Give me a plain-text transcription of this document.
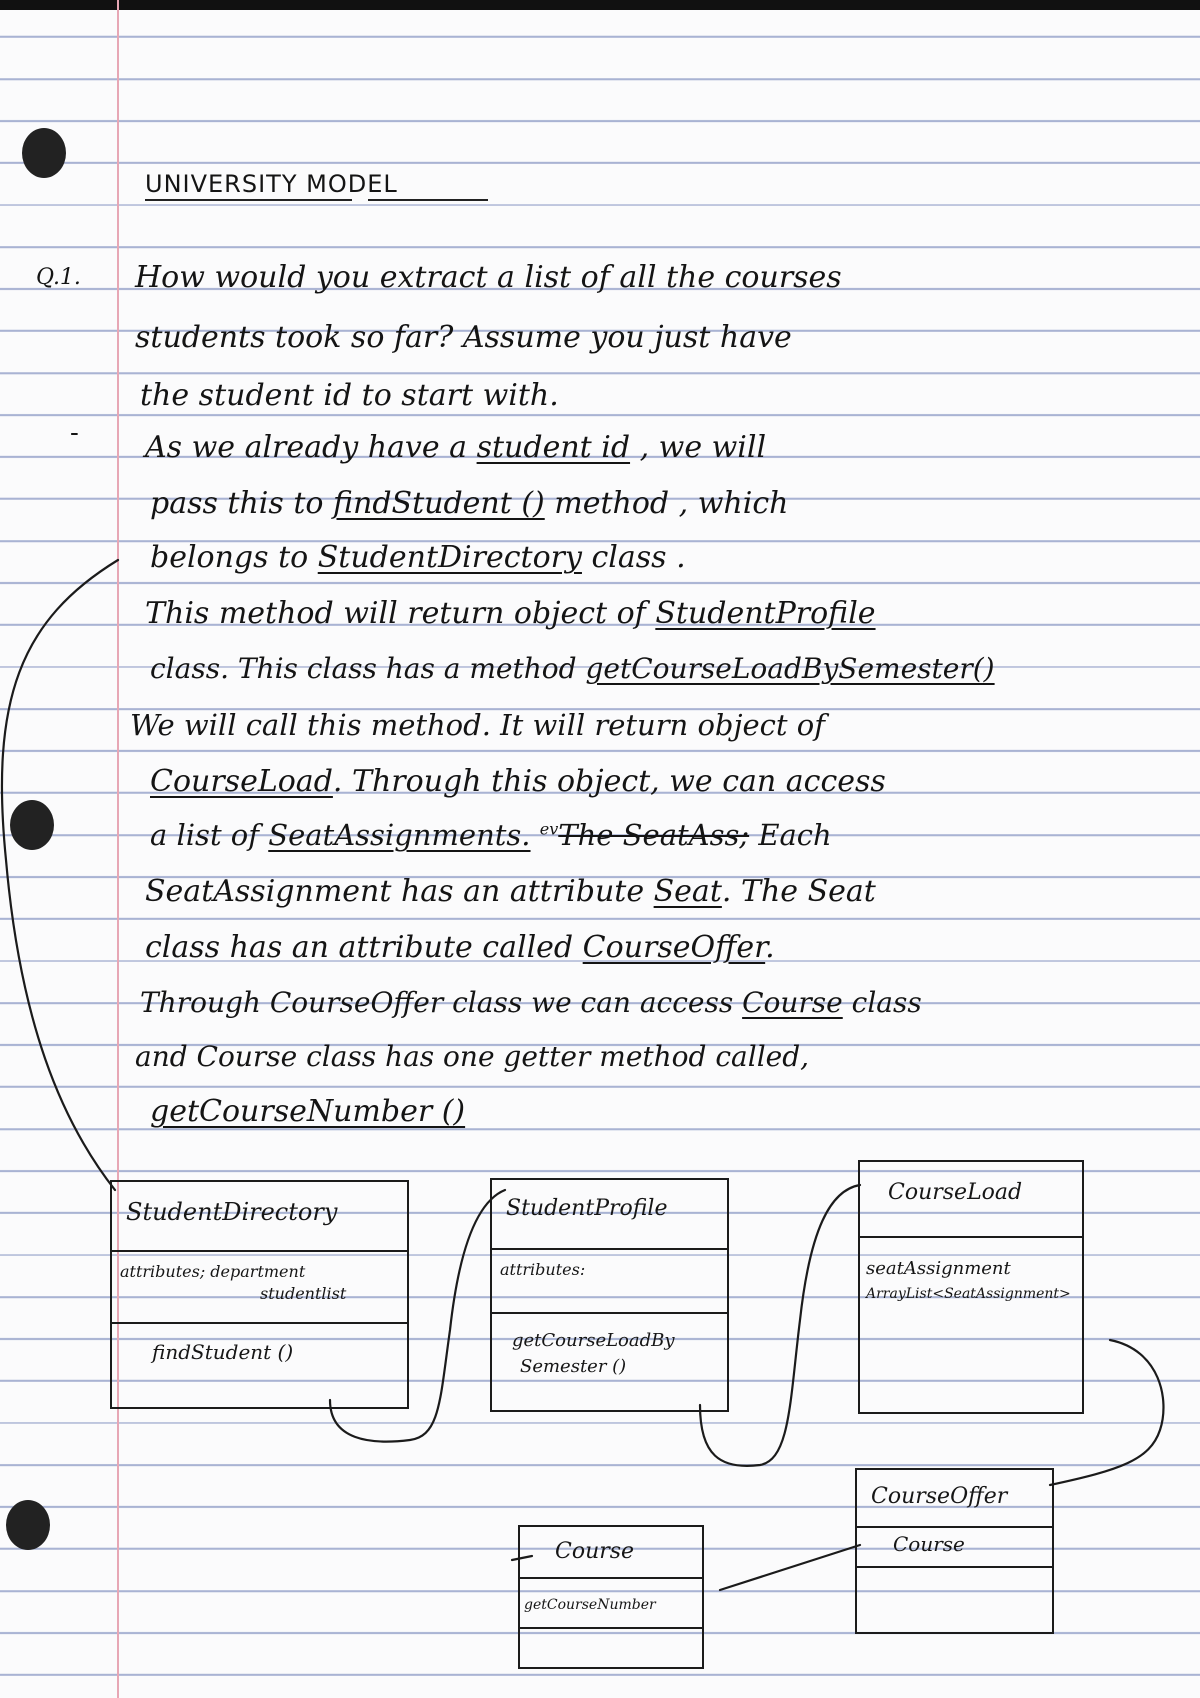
UNIVERSITY MODEL
Q.1. How would you extract a list of all the courses
students took so far? Assume you just have
the student id to start with.
- As we already have a student id , we will
pass this to findStudent () method , which
belongs to StudentDirectory class .
This method will return object of StudentProfile
class. This class has a method getCourseLoadBySemester()
We will call this method. It will return object of
CourseLoad. Through this object, we can access
a list of SeatAssignments. $^{ev}$The SeatAss; Each
SeatAssignment has an attribute Seat. The Seat
class has an attribute called CourseOffer.
Through CourseOffer class we can access Course class
and Course class has one getter method called,
getCourseNumber ()
StudentDirectory
attributes; department
studentlist
findStudent ()
StudentProfile
attributes:
getCourseLoadBy
Semester ()
CourseLoad
seatAssignment
ArrayList<SeatAssignment>
CourseOffer
Course
Course
getCourseNumber
